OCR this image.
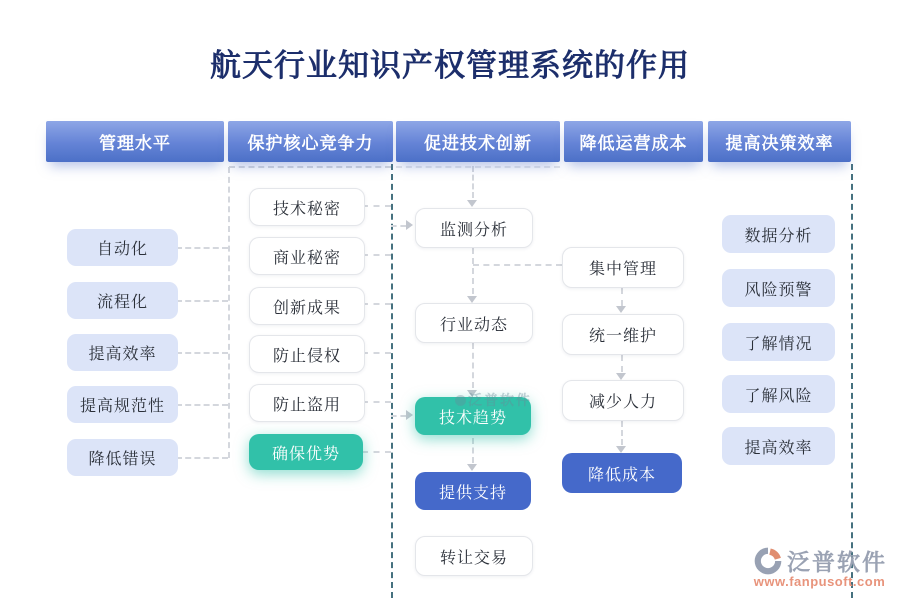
航天行业知识产权管理系统的作用
管理水平	保护核心竞争力	促进技术创新	降低运营成本	提高决策效率
自动化
流程化
提高效率
提高规范性
降低错误
技术秘密
商业秘密
创新成果
防止侵权
防止盗用
确保优势
监测分析
行业动态
技术趋势
提供支持
转让交易
集中管理
统一维护
减少人力
降低成本
数据分析
风险预警
了解情况
了解风险
提高效率
泛普软件
泛普软件
www.fanpusoft.com
